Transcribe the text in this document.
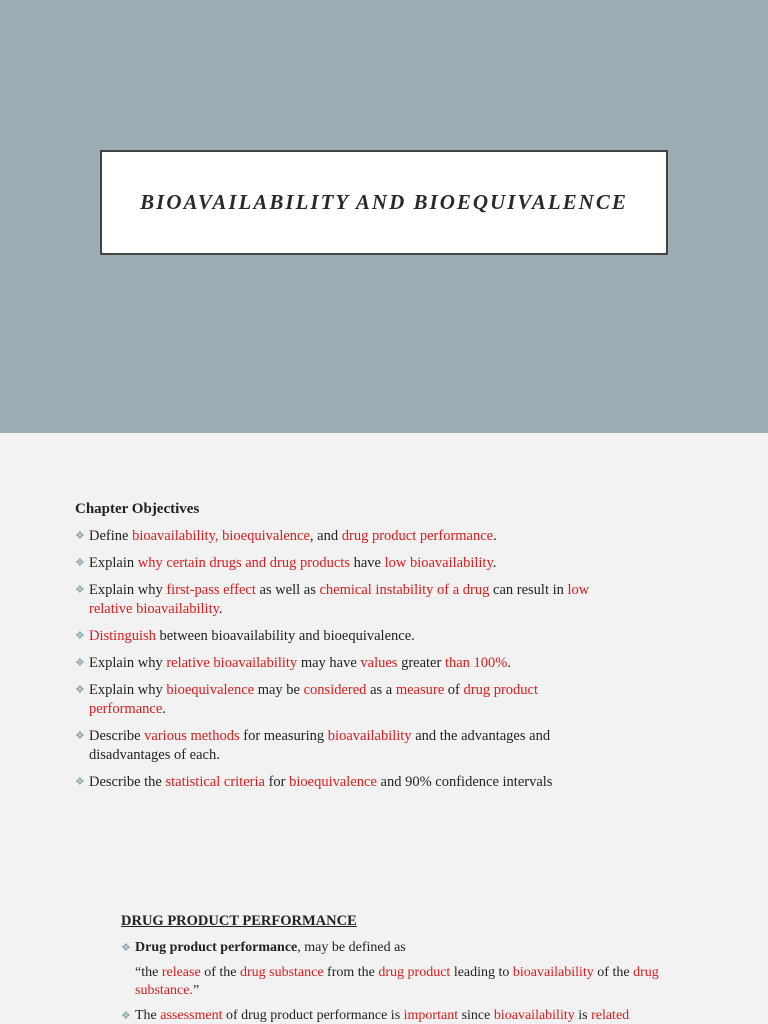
BIOAVAILABILITY AND BIOEQUIVALENCE
Chapter Objectives
❖ Define bioavailability, bioequivalence, and drug product performance.
❖ Explain why certain drugs and drug products have low bioavailability.
❖ Explain why first-pass effect as well as chemical instability of a drug can result in low relative bioavailability.
❖ Distinguish between bioavailability and bioequivalence.
❖ Explain why relative bioavailability may have values greater than 100%.
❖ Explain why bioequivalence may be considered as a measure of drug product performance.
❖ Describe various methods for measuring bioavailability and the advantages and disadvantages of each.
❖ Describe the statistical criteria for bioequivalence and 90% confidence intervals
DRUG PRODUCT PERFORMANCE
❖ Drug product performance, may be defined as
“the release of the drug substance from the drug product leading to bioavailability of the drug substance.”
❖ The assessment of drug product performance is important since bioavailability is related
